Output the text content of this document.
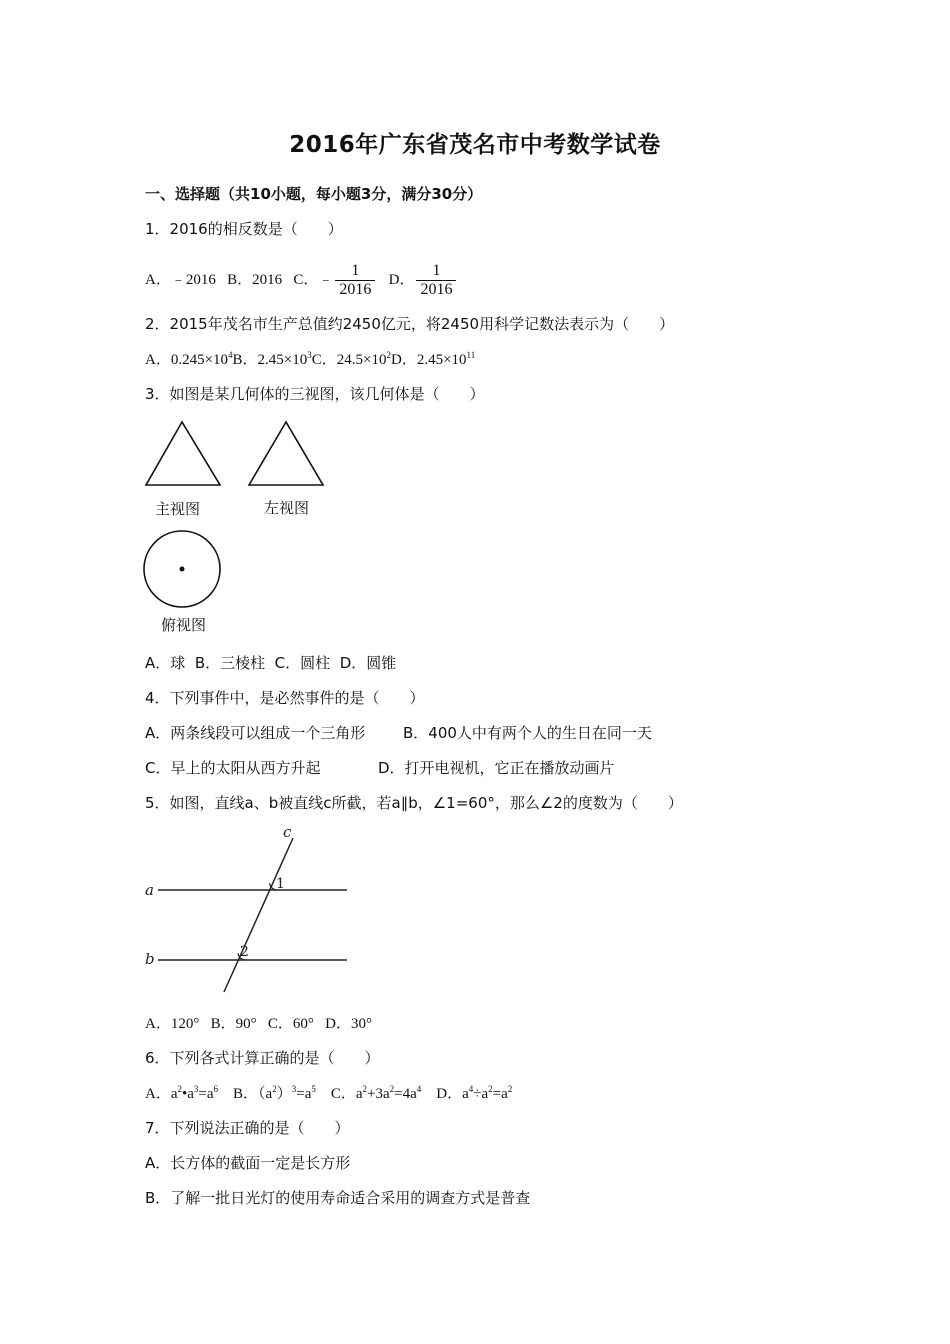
2016年广东省茂名市中考数学试卷
一、选择题（共10小题，每小题3分，满分30分）
1．2016的相反数是（　　）
A．﹣2016 B．2016 C．﹣ $\frac{1}{2016}$ D． $\frac{1}{2016}$
2．2015年茂名市生产总值约2450亿元，将2450用科学记数法表示为（　　）
A．$0.245\times 10^4B$．$2.45\times 10^3C$．$24.5\times 10^2D$．$2.45\times 10^{11}$
3．如图是某几何体的三视图，该几何体是（　　）
主视图	左视图
俯视图
A．球 B．三棱柱 C．圆柱 D．圆锥
4．下列事件中，是必然事件的是（　　）
A．两条线段可以组成一个三角形	B．400人中有两个人的生日在同一天
C．早上的太阳从西方升起	D．打开电视机，它正在播放动画片
5．如图，直线a、b被直线c所截，若a∥b，∠1=60°，那么∠2的度数为（　　）
c
a
b
1
2
A．120° B．90° C．60° D．30°
6．下列各式计算正确的是（　　）
A．$a^2•a^3=a^6$ B．$(a^2)^3=a^5$ C．$a^2+3a^2=4a^4$ D．$a^4\div a^2=a^2$
7．下列说法正确的是（　　）
A．长方体的截面一定是长方形
B．了解一批日光灯的使用寿命适合采用的调查方式是普查
